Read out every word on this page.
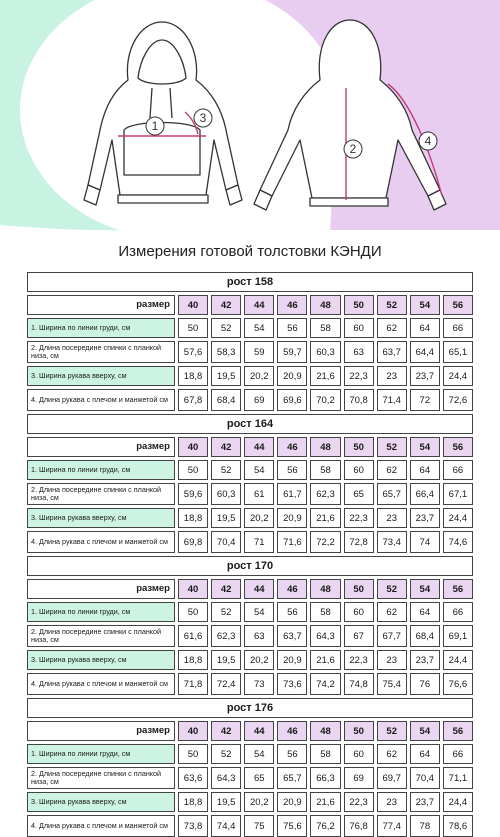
1
3
2
4
Измерения готовой толстовки КЭНДИ
рост 158
размер	40	42	44	46	48	50	52	54	56
1. Ширина по линии груди, см	50	52	54	56	58	60	62	64	66
2. Длина посередине спинки с планкой низа, см	57,6	58,3	59	59,7	60,3	63	63,7	64,4	65,1
3. Ширина рукава вверху, см	18,8	19,5	20,2	20,9	21,6	22,3	23	23,7	24,4
4. Длина рукава с плечом и манжетой см	67,8	68,4	69	69,6	70,2	70,8	71,4	72	72,6
рост 164
размер	40	42	44	46	48	50	52	54	56
1. Ширина по линии груди, см	50	52	54	56	58	60	62	64	66
2. Длина посередине спинки с планкой низа, см	59,6	60,3	61	61,7	62,3	65	65,7	66,4	67,1
3. Ширина рукава вверху, см	18,8	19,5	20,2	20,9	21,6	22,3	23	23,7	24,4
4. Длина рукава с плечом и манжетой см	69,8	70,4	71	71,6	72,2	72,8	73,4	74	74,6
рост 170
размер	40	42	44	46	48	50	52	54	56
1. Ширина по линии груди, см	50	52	54	56	58	60	62	64	66
2. Длина посередине спинки с планкой низа, см	61,6	62,3	63	63,7	64,3	67	67,7	68,4	69,1
3. Ширина рукава вверху, см	18,8	19,5	20,2	20,9	21,6	22,3	23	23,7	24,4
4. Длина рукава с плечом и манжетой см	71,8	72,4	73	73,6	74,2	74,8	75,4	76	76,6
рост 176
размер	40	42	44	46	48	50	52	54	56
1. Ширина по линии груди, см	50	52	54	56	58	60	62	64	66
2. Длина посередине спинки с планкой низа, см	63,6	64,3	65	65,7	66,3	69	69,7	70,4	71,1
3. Ширина рукава вверху, см	18,8	19,5	20,2	20,9	21,6	22,3	23	23,7	24,4
4. Длина рукава с плечом и манжетой см	73,8	74,4	75	75,6	76,2	76,8	77,4	78	78,6
